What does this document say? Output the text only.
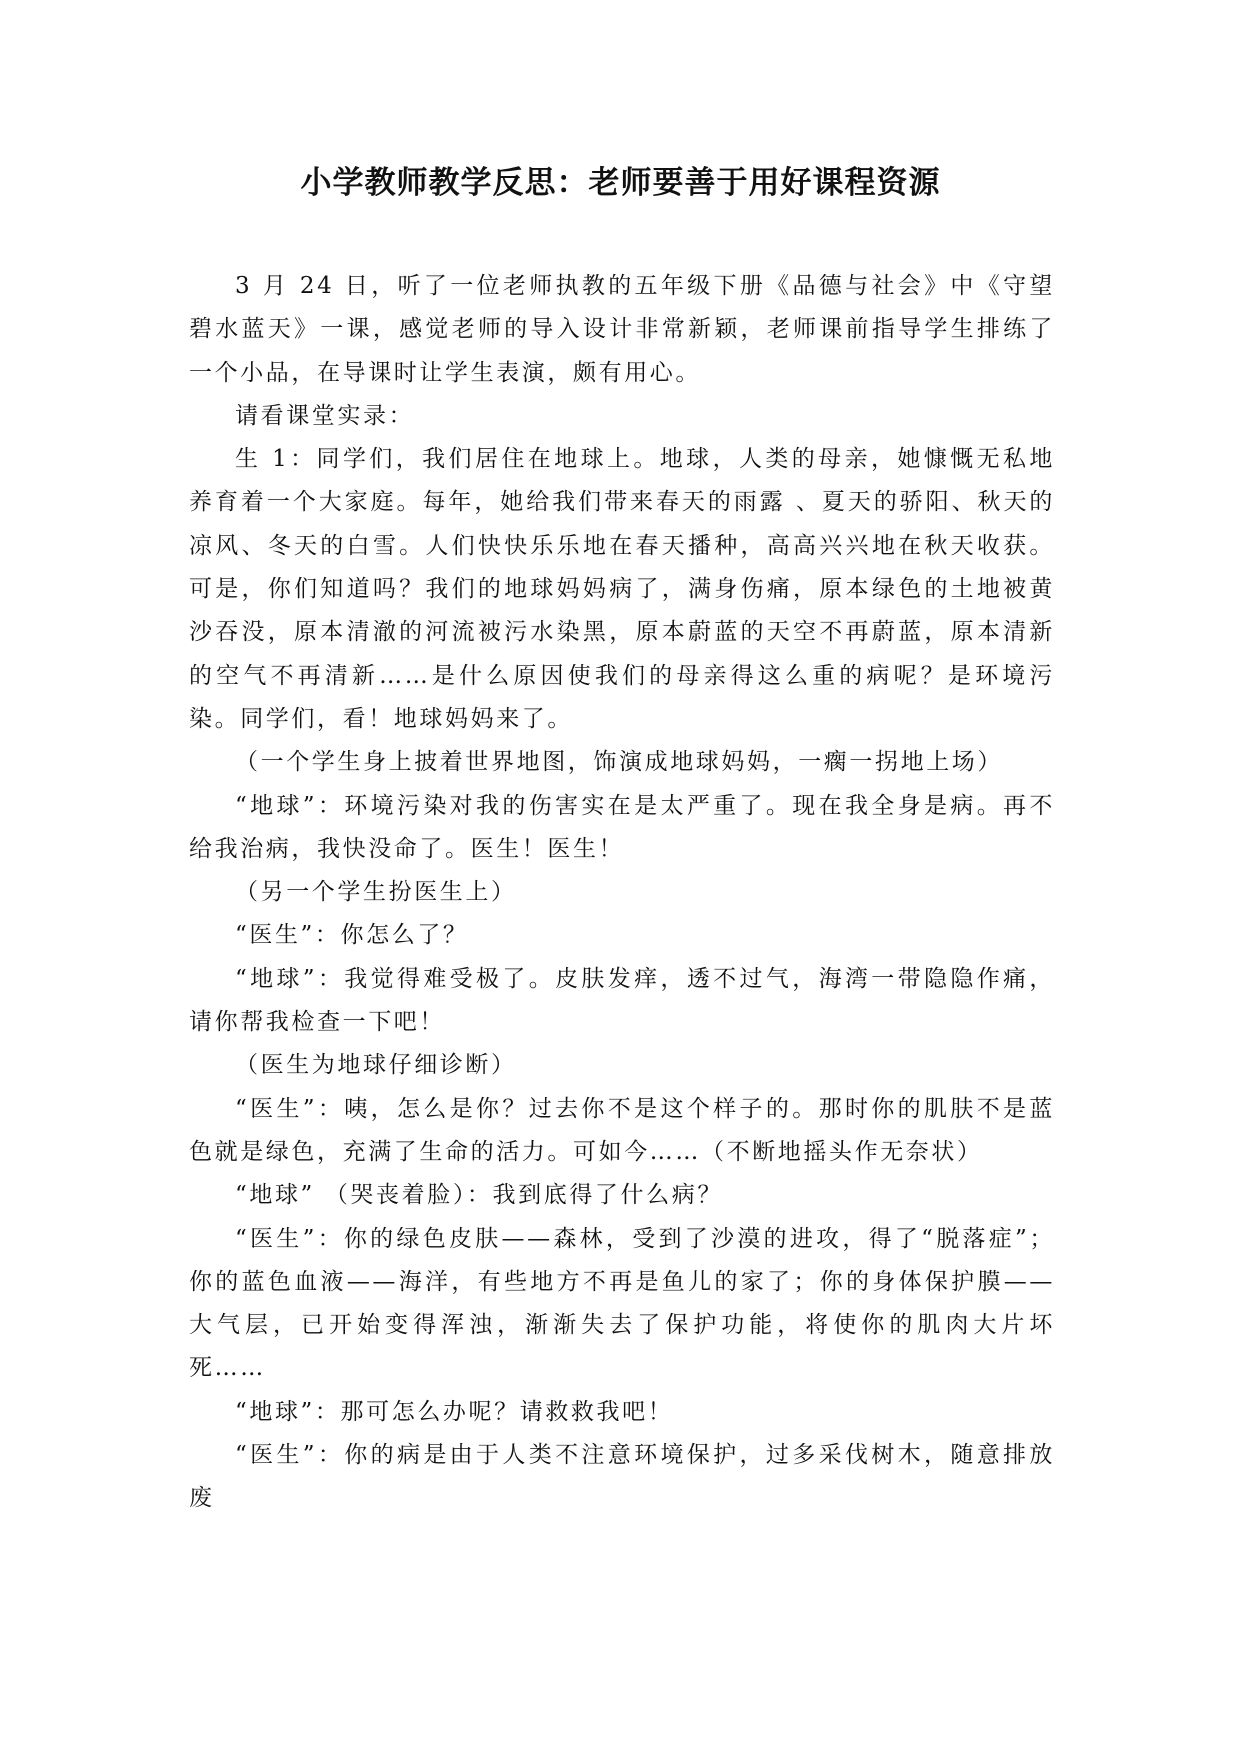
小学教师教学反思：老师要善于用好课程资源

3 月 24 日，听了一位老师执教的五年级下册《品德与社会》中《守望碧水蓝天》一课，感觉老师的导入设计非常新颖，老师课前指导学生排练了一个小品，在导课时让学生表演，颇有用心。

请看课堂实录：

生 1：同学们，我们居住在地球上。地球，人类的母亲，她慷慨无私地养育着一个大家庭。每年，她给我们带来春天的雨露 、夏天的骄阳、秋天的凉风、冬天的白雪。人们快快乐乐地在春天播种，高高兴兴地在秋天收获。可是，你们知道吗？我们的地球妈妈病了，满身伤痛，原本绿色的土地被黄沙吞没，原本清澈的河流被污水染黑，原本蔚蓝的天空不再蔚蓝，原本清新的空气不再清新……是什么原因使我们的母亲得这么重的病呢？是环境污染。同学们，看！地球妈妈来了。

（一个学生身上披着世界地图，饰演成地球妈妈，一瘸一拐地上场）

“地球”：环境污染对我的伤害实在是太严重了。现在我全身是病。再不给我治病，我快没命了。医生！医生！

（另一个学生扮医生上）

“医生”：你怎么了？

“地球”：我觉得难受极了。皮肤发痒，透不过气，海湾一带隐隐作痛，请你帮我检查一下吧！

（医生为地球仔细诊断）

“医生”：咦，怎么是你？过去你不是这个样子的。那时你的肌肤不是蓝色就是绿色，充满了生命的活力。可如今……（不断地摇头作无奈状）

“地球” （哭丧着脸）：我到底得了什么病？

“医生”：你的绿色皮肤——森林，受到了沙漠的进攻，得了“脱落症”；你的蓝色血液——海洋，有些地方不再是鱼儿的家了；你的身体保护膜——大气层，已开始变得浑浊，渐渐失去了保护功能，将使你的肌肉大片坏死……

“地球”：那可怎么办呢？请救救我吧！

“医生”：你的病是由于人类不注意环境保护，过多采伐树木，随意排放废
